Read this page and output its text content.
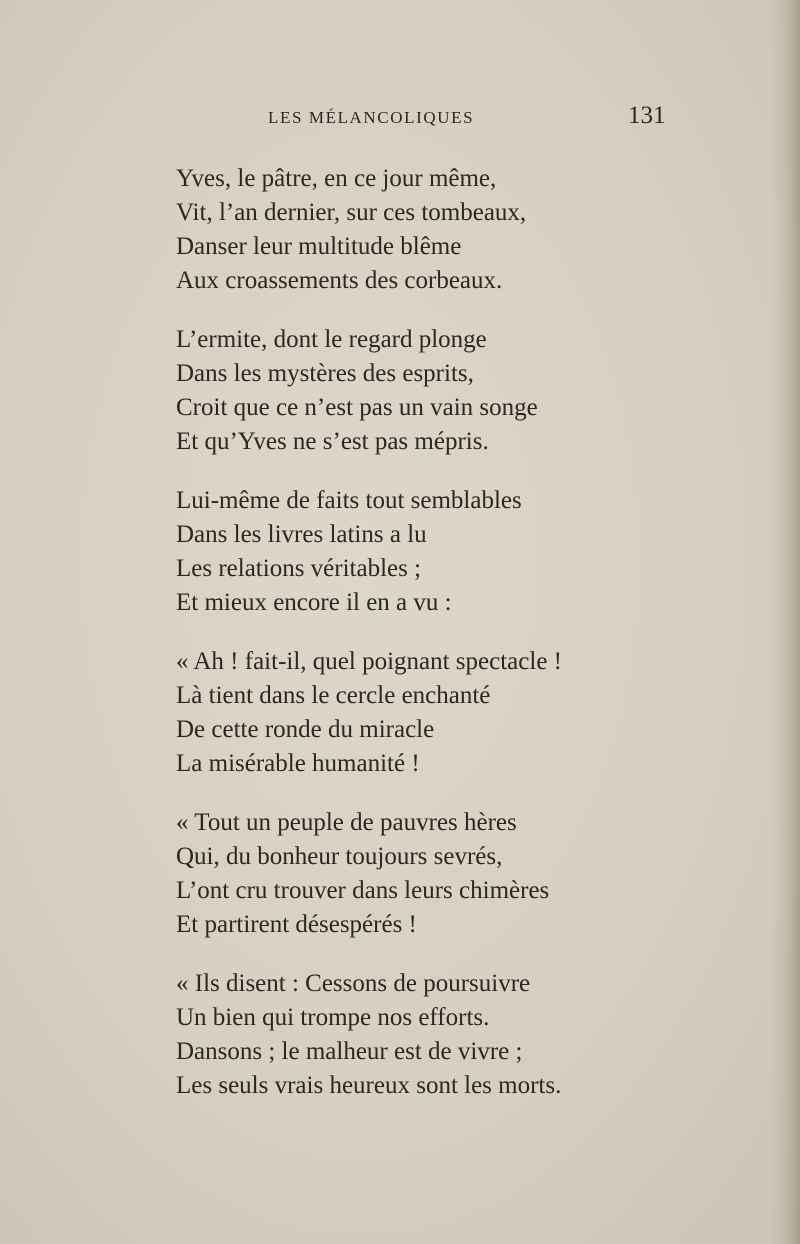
LES MÉLANCOLIQUES	131
Yves, le pâtre, en ce jour même,
Vit, l’an dernier, sur ces tombeaux,
Danser leur multitude blême
Aux croassements des corbeaux.
L’ermite, dont le regard plonge
Dans les mystères des esprits,
Croit que ce n’est pas un vain songe
Et qu’Yves ne s’est pas mépris.
Lui-même de faits tout semblables
Dans les livres latins a lu
Les relations véritables ;
Et mieux encore il en a vu :
« Ah ! fait-il, quel poignant spectacle !
Là tient dans le cercle enchanté
De cette ronde du miracle
La misérable humanité !
« Tout un peuple de pauvres hères
Qui, du bonheur toujours sevrés,
L’ont cru trouver dans leurs chimères
Et partirent désespérés !
« Ils disent : Cessons de poursuivre
Un bien qui trompe nos efforts.
Dansons ; le malheur est de vivre ;
Les seuls vrais heureux sont les morts.
